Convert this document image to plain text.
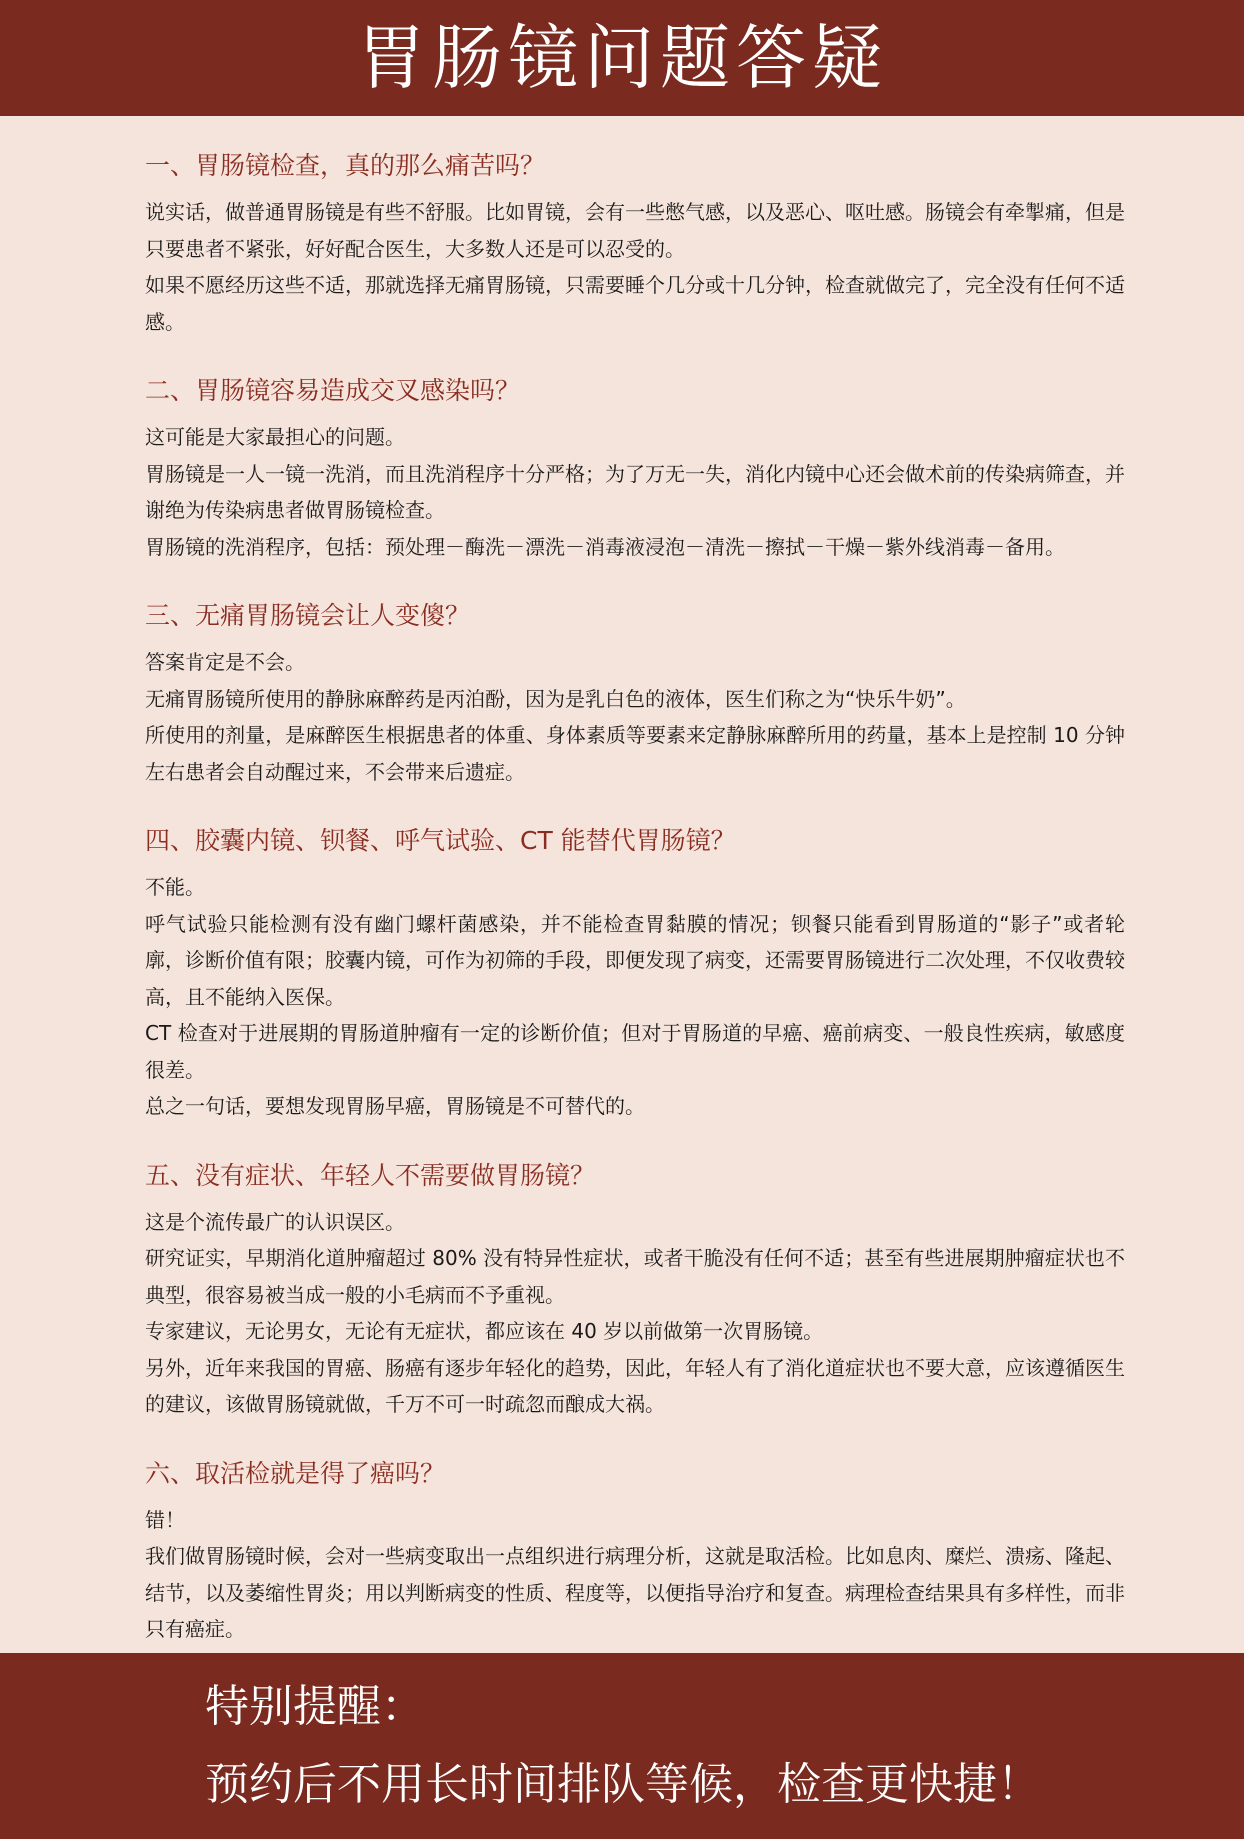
胃肠镜问题答疑
一、胃肠镜检查，真的那么痛苦吗？

说实话，做普通胃肠镜是有些不舒服。比如胃镜，会有一些憋气感，以及恶心、呕吐感。肠镜会有牵掣痛，但是只要患者不紧张，好好配合医生，大多数人还是可以忍受的。

如果不愿经历这些不适，那就选择无痛胃肠镜，只需要睡个几分或十几分钟，检查就做完了，完全没有任何不适感。

二、胃肠镜容易造成交叉感染吗？

这可能是大家最担心的问题。

胃肠镜是一人一镜一洗消，而且洗消程序十分严格；为了万无一失，消化内镜中心还会做术前的传染病筛查，并谢绝为传染病患者做胃肠镜检查。

胃肠镜的洗消程序，包括：预处理－酶洗－漂洗－消毒液浸泡－清洗－擦拭－干燥－紫外线消毒－备用。

三、无痛胃肠镜会让人变傻？

答案肯定是不会。

无痛胃肠镜所使用的静脉麻醉药是丙泊酚，因为是乳白色的液体，医生们称之为“快乐牛奶”。

所使用的剂量，是麻醉医生根据患者的体重、身体素质等要素来定静脉麻醉所用的药量，基本上是控制 10 分钟左右患者会自动醒过来，不会带来后遗症。

四、胶囊内镜、钡餐、呼气试验、CT 能替代胃肠镜？

不能。

呼气试验只能检测有没有幽门螺杆菌感染，并不能检查胃黏膜的情况；钡餐只能看到胃肠道的“影子”或者轮廓，诊断价值有限；胶囊内镜，可作为初筛的手段，即便发现了病变，还需要胃肠镜进行二次处理，不仅收费较高，且不能纳入医保。

CT 检查对于进展期的胃肠道肿瘤有一定的诊断价值；但对于胃肠道的早癌、癌前病变、一般良性疾病，敏感度很差。

总之一句话，要想发现胃肠早癌，胃肠镜是不可替代的。

五、没有症状、年轻人不需要做胃肠镜？

这是个流传最广的认识误区。

研究证实，早期消化道肿瘤超过 80% 没有特异性症状，或者干脆没有任何不适；甚至有些进展期肿瘤症状也不典型，很容易被当成一般的小毛病而不予重视。

专家建议，无论男女，无论有无症状，都应该在 40 岁以前做第一次胃肠镜。

另外，近年来我国的胃癌、肠癌有逐步年轻化的趋势，因此，年轻人有了消化道症状也不要大意，应该遵循医生的建议，该做胃肠镜就做，千万不可一时疏忽而酿成大祸。

六、取活检就是得了癌吗？

错！

我们做胃肠镜时候，会对一些病变取出一点组织进行病理分析，这就是取活检。比如息肉、糜烂、溃疡、隆起、结节，以及萎缩性胃炎；用以判断病变的性质、程度等，以便指导治疗和复查。病理检查结果具有多样性，而非只有癌症。

特别提醒：
预约后不用长时间排队等候，检查更快捷！
